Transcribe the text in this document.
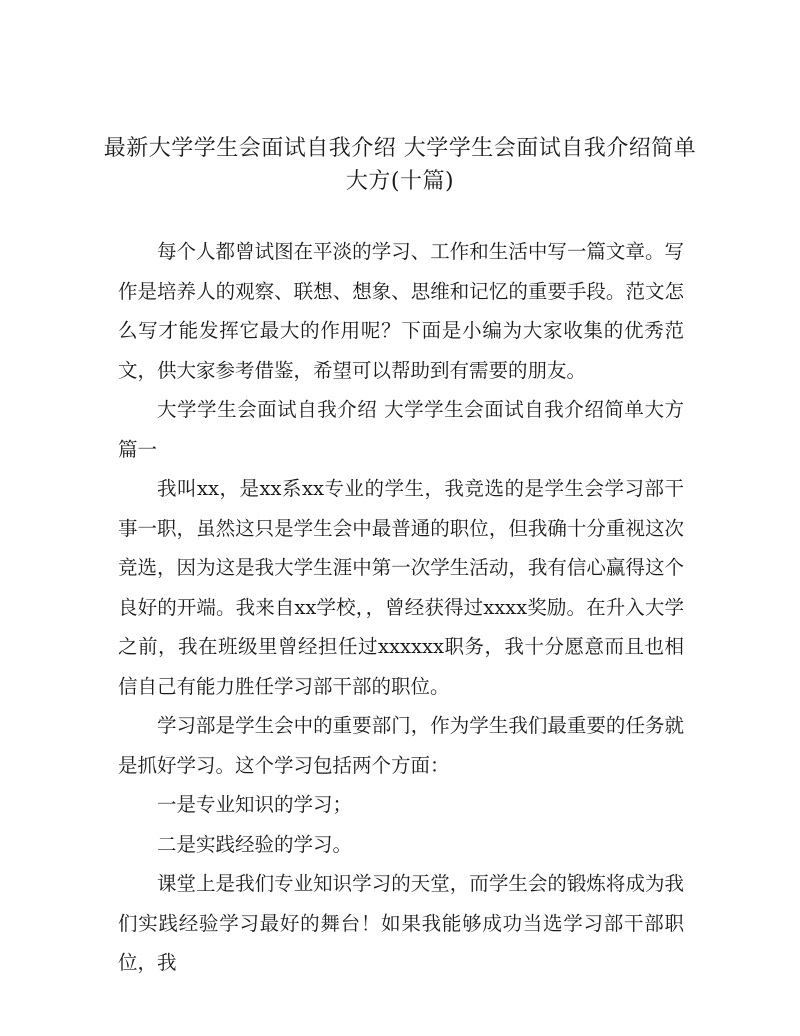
最新大学学生会面试自我介绍 大学学生会面试自我介绍简单大方(十篇)

每个人都曾试图在平淡的学习、工作和生活中写一篇文章。写作是培养人的观察、联想、想象、思维和记忆的重要手段。范文怎么写才能发挥它最大的作用呢？下面是小编为大家收集的优秀范文，供大家参考借鉴，希望可以帮助到有需要的朋友。

大学学生会面试自我介绍 大学学生会面试自我介绍简单大方篇一

我叫xx，是xx系xx专业的学生，我竞选的是学生会学习部干事一职，虽然这只是学生会中最普通的职位，但我确十分重视这次竞选，因为这是我大学生涯中第一次学生活动，我有信心赢得这个良好的开端。我来自xx学校，，曾经获得过xxxx奖励。在升入大学之前，我在班级里曾经担任过xxxxxx职务，我十分愿意而且也相信自己有能力胜任学习部干部的职位。

学习部是学生会中的重要部门，作为学生我们最重要的任务就是抓好学习。这个学习包括两个方面：

一是专业知识的学习；

二是实践经验的学习。

课堂上是我们专业知识学习的天堂，而学生会的锻炼将成为我们实践经验学习最好的舞台！如果我能够成功当选学习部干部职位，我
